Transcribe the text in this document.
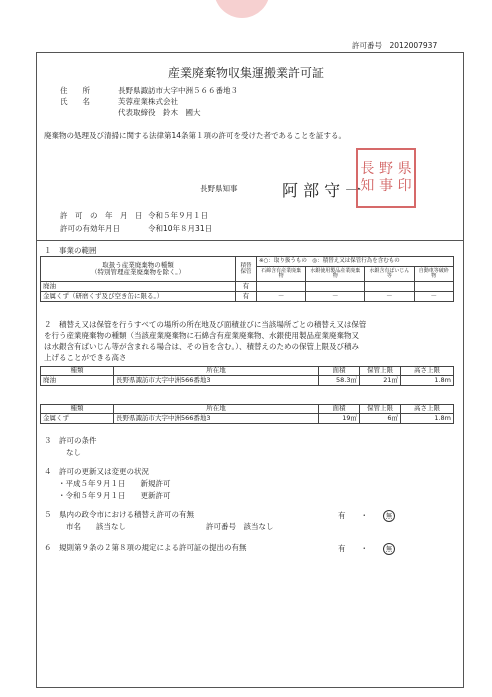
許可番号　 2012007937
産業廃棄物収集運搬業許可証
住　　所	長野県諏訪市大字中洲５６６番地３
氏　　名	芙蓉産業株式会社
代表取締役　鈴木　國大
廃棄物の処理及び清掃に関する法律第14条第１項の許可を受けた者であることを証する。
長野県知事	阿 部 守 一
長 野 県
知 事 印
許　可　の　年　月　日 令和５年９月１日
許可の有効年月日	令和10年８月31日
１　事業の範囲
取扱う産業廃棄物の種類
（特別管理産業廃棄物を除く。）	積替保管	※○：取り扱うもの　◎：積替え又は保管行為を含むもの			
		石綿含有産業廃棄物	水銀使用製品産業廃棄物	水銀含有ばいじん等	自動車等破砕物
廃油	有				
金属くず（研磨くず及び空き缶に限る。）	有	－	－	－	－
２　積替え又は保管を行うすべての場所の所在地及び面積並びに当該場所ごとの積替え又は保管
を行う産業廃棄物の種類（当該産業廃棄物に石綿含有産業廃棄物、水銀使用製品産業廃棄物又
は水銀含有ばいじん等が含まれる場合は、その旨を含む。）、積替えのための保管上限及び積み
上げることができる高さ
種類	所在地	面積	保管上限	高さ上限
廃油	長野県諏訪市大字中洲566番地3	58.3㎡	21㎥	1.8m
種類	所在地	面積	保管上限	高さ上限
金属くず	長野県諏訪市大字中洲566番地3	19㎡	6㎥	1.8m
３　許可の条件
なし
４　許可の更新又は変更の状況
・平成５年９月１日　　新規許可
・令和５年９月１日　　更新許可
５　県内の政令市における積替え許可の有無	有　　 ・　　	無
市名　　該当なし	許可番号　該当なし
６　規則第９条の２第８項の規定による許可証の提出の有無	有　　 ・　　	無
